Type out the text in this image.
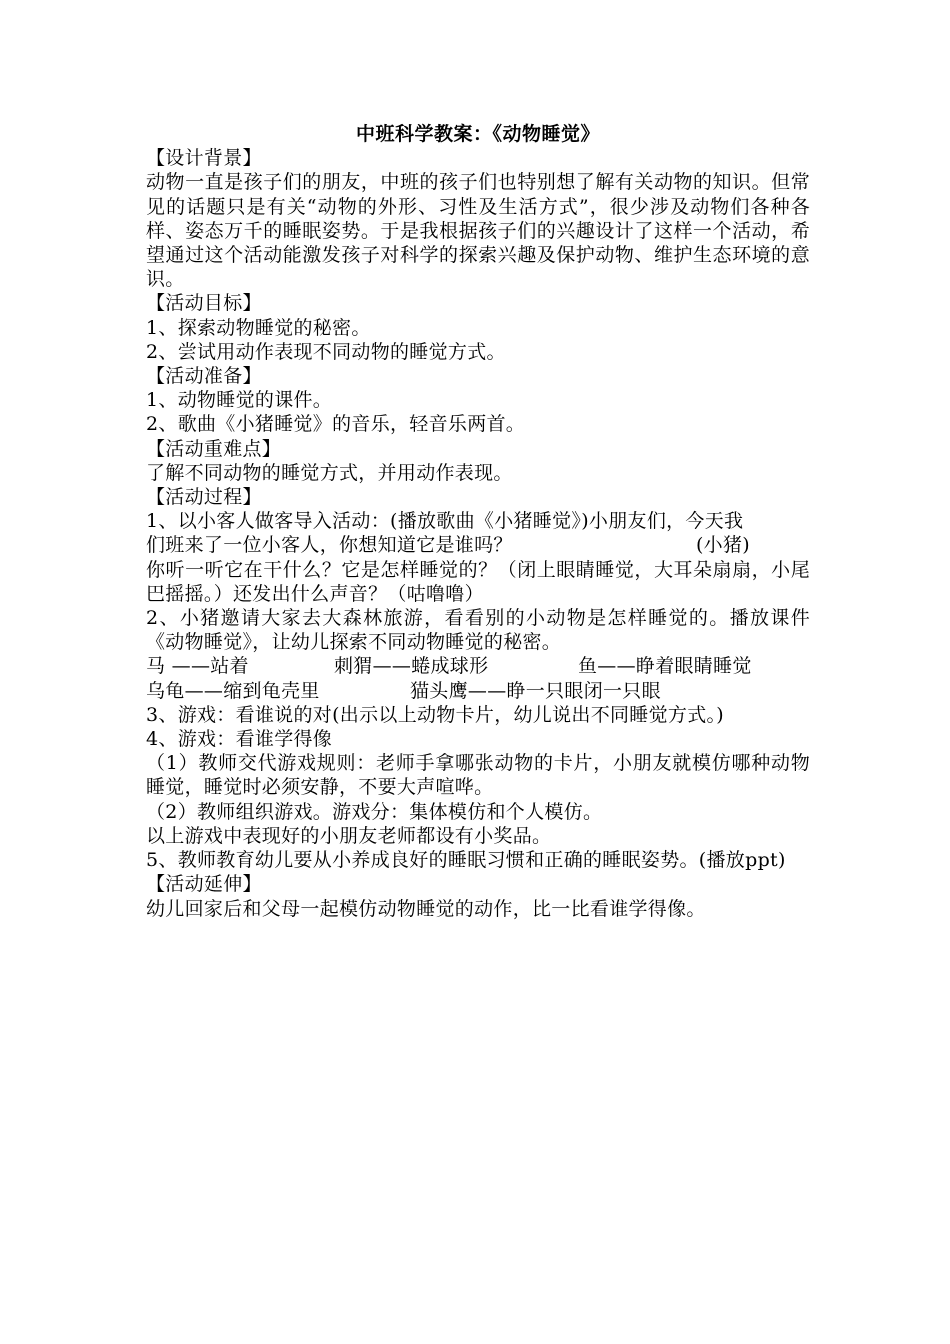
中班科学教案：《动物睡觉》
【设计背景】
动物一直是孩子们的朋友，中班的孩子们也特别想了解有关动物的知识。但常见的话题只是有关“动物的外形、习性及生活方式”，很少涉及动物们各种各样、姿态万千的睡眠姿势。于是我根据孩子们的兴趣设计了这样一个活动，希望通过这个活动能激发孩子对科学的探索兴趣及保护动物、维护生态环境的意识。
【活动目标】
1、探索动物睡觉的秘密。
2、尝试用动作表现不同动物的睡觉方式。
【活动准备】
1、动物睡觉的课件。
2、歌曲《小猪睡觉》的音乐，轻音乐两首。
【活动重难点】
了解不同动物的睡觉方式，并用动作表现。
【活动过程】
1、以小客人做客导入活动：(播放歌曲《小猪睡觉》)小朋友们，今天我
们班来了一位小客人，你想知道它是谁吗？	(小猪)
你听一听它在干什么？它是怎样睡觉的？（闭上眼睛睡觉，大耳朵扇扇，小尾巴摇摇。）还发出什么声音？（咕噜噜）
2、小猪邀请大家去大森林旅游，看看别的小动物是怎样睡觉的。播放课件《动物睡觉》，让幼儿探索不同动物睡觉的秘密。
马 ——站着	刺猬——蜷成球形	鱼——睁着眼睛睡觉
乌龟——缩到龟壳里	猫头鹰——睁一只眼闭一只眼
3、游戏：看谁说的对(出示以上动物卡片，幼儿说出不同睡觉方式。)
4、游戏：看谁学得像
（1）教师交代游戏规则：老师手拿哪张动物的卡片，小朋友就模仿哪种动物睡觉，睡觉时必须安静，不要大声喧哗。
（2）教师组织游戏。游戏分：集体模仿和个人模仿。
以上游戏中表现好的小朋友老师都设有小奖品。
5、教师教育幼儿要从小养成良好的睡眠习惯和正确的睡眠姿势。(播放ppt)
【活动延伸】
幼儿回家后和父母一起模仿动物睡觉的动作，比一比看谁学得像。
